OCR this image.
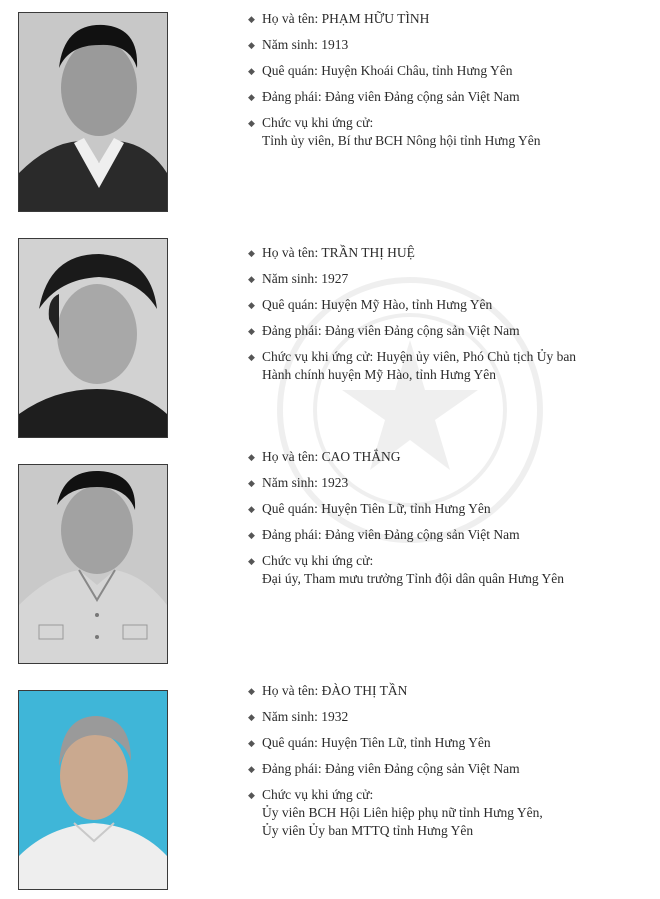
◆ Họ và tên: PHẠM HỮU TÌNH
◆ Năm sinh: 1913
◆ Quê quán: Huyện Khoái Châu, tỉnh Hưng Yên
◆ Đảng phái: Đảng viên Đảng cộng sản Việt Nam
◆ Chức vụ khi ứng cử:
Tỉnh ủy viên, Bí thư BCH Nông hội tỉnh Hưng Yên
◆ Họ và tên: TRẦN THỊ HUỆ
◆ Năm sinh: 1927
◆ Quê quán: Huyện Mỹ Hào, tỉnh Hưng Yên
◆ Đảng phái: Đảng viên Đảng cộng sản Việt Nam
◆ Chức vụ khi ứng cử: Huyện ủy viên, Phó Chủ tịch Ủy ban
Hành chính huyện Mỹ Hào, tỉnh Hưng Yên
◆ Họ và tên: CAO THẮNG
◆ Năm sinh: 1923
◆ Quê quán: Huyện Tiên Lữ, tỉnh Hưng Yên
◆ Đảng phái: Đảng viên Đảng cộng sản Việt Nam
◆ Chức vụ khi ứng cử:
Đại úy, Tham mưu trưởng Tỉnh đội dân quân Hưng Yên
◆ Họ và tên: ĐÀO THỊ TẦN
◆ Năm sinh: 1932
◆ Quê quán: Huyện Tiên Lữ, tỉnh Hưng Yên
◆ Đảng phái: Đảng viên Đảng cộng sản Việt Nam
◆ Chức vụ khi ứng cử:
Ủy viên BCH Hội Liên hiệp phụ nữ tỉnh Hưng Yên,
Ủy viên Ủy ban MTTQ tỉnh Hưng Yên
